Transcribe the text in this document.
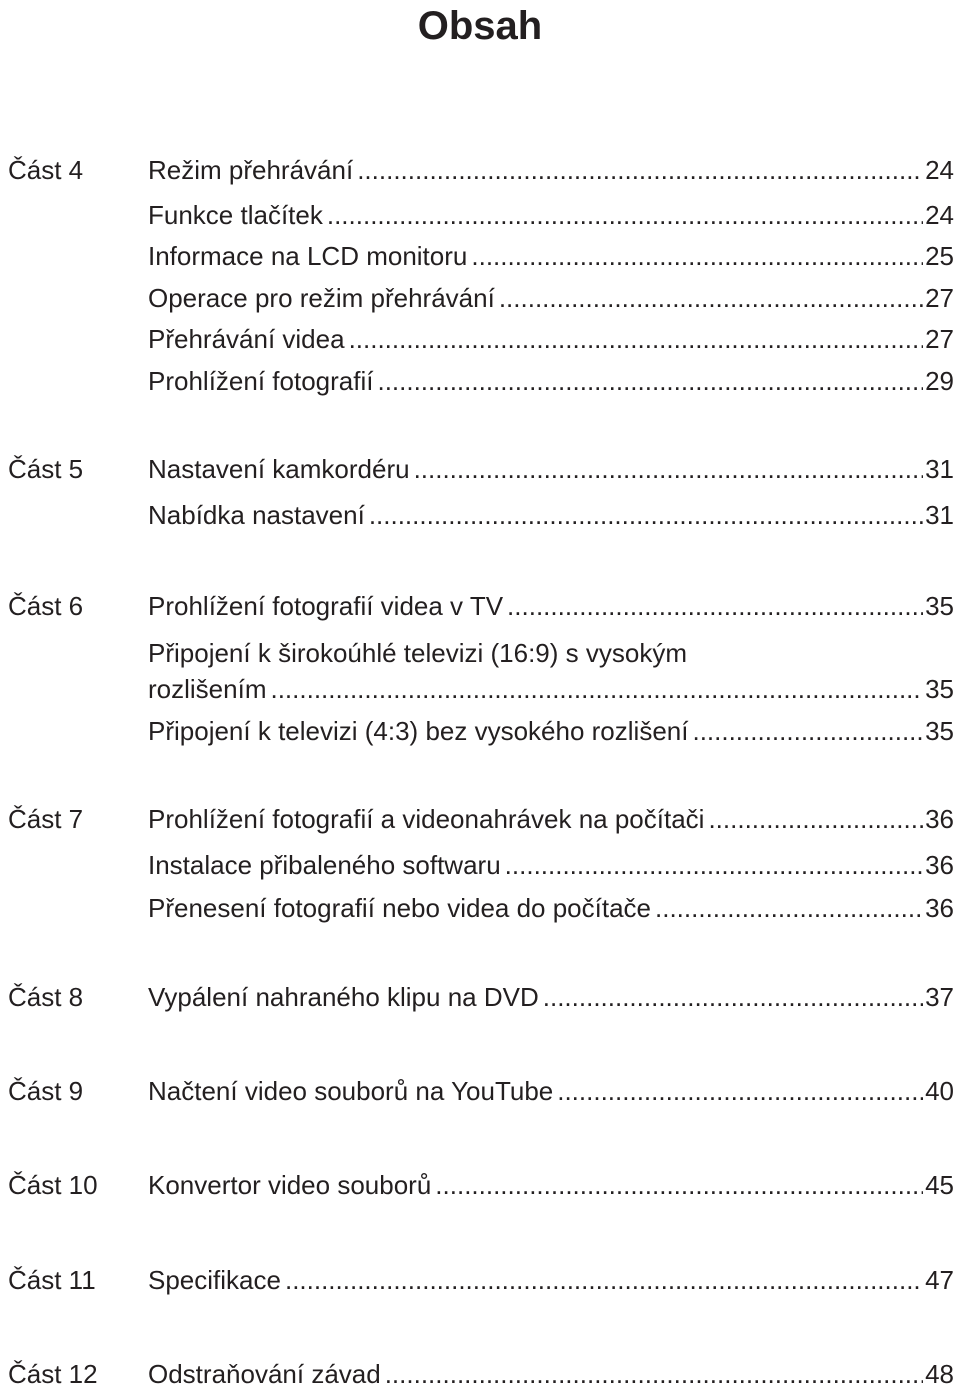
Obsah
Část 4 Režim přehrávání .....	24
Funkce tlačítek .....	24
Informace na LCD monitoru .....	25
Operace pro režim přehrávání .....	27
Přehrávání videa .....	27
Prohlížení fotografií .....	29
Část 5 Nastavení kamkordéru .....	31
Nabídka nastavení .....	31
Část 6 Prohlížení fotografií videa v TV .....	35
Připojení k širokoúhlé televizi (16:9) s vysokým
rozlišením .....	35
Připojení k televizi (4:3) bez vysokého rozlišení .....	35
Část 7 Prohlížení fotografií a videonahrávek na počítači .....	36
Instalace přibaleného softwaru .....	36
Přenesení fotografií nebo videa do počítače .....	36
Část 8 Vypálení nahraného klipu na DVD .....	37
Část 9 Načtení video souborů na YouTube .....	40
Část 10 Konvertor video souborů .....	45
Část 11 Specifikace .....	47
Část 12 Odstraňování závad .....	48
